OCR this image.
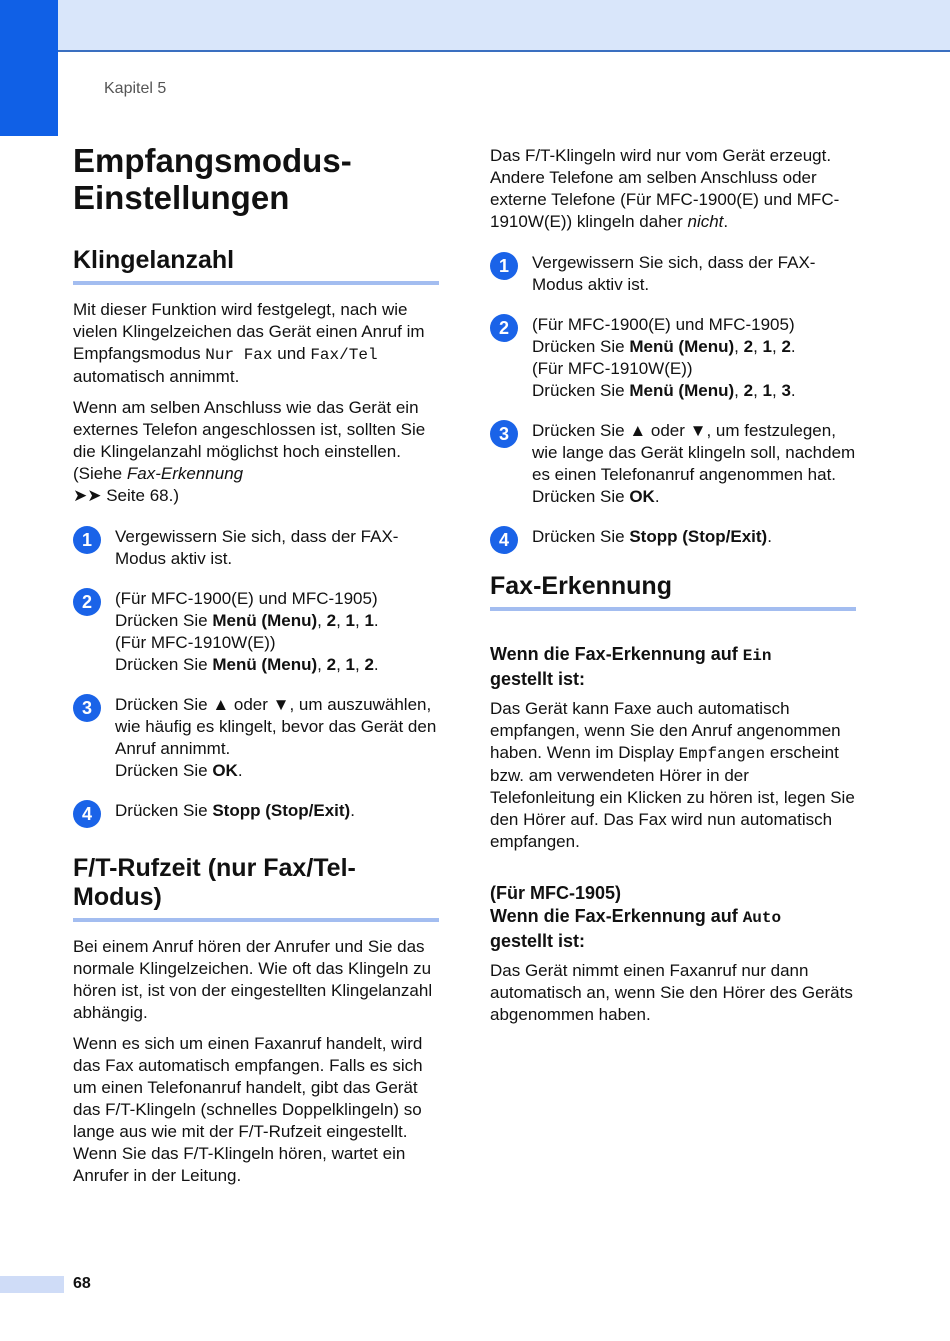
Kapitel 5
Empfangsmodus-
Einstellungen
Klingelanzahl

Mit dieser Funktion wird festgelegt, nach wie vielen Klingelzeichen das Gerät einen Anruf im Empfangsmodus Nur Fax und Fax/Tel automatisch annimmt.

Wenn am selben Anschluss wie das Gerät ein externes Telefon angeschlossen ist, sollten Sie die Klingelanzahl möglichst hoch einstellen. (Siehe Fax-Erkennung
➤➤ Seite 68.)

1	Vergewissern Sie sich, dass der FAX-Modus aktiv ist.
2	(Für MFC-1900(E) und MFC-1905)
Drücken Sie Menü (Menu), 2, 1, 1.
(Für MFC-1910W(E))
Drücken Sie Menü (Menu), 2, 1, 2.
3	Drücken Sie ▲ oder ▼, um auszuwählen, wie häufig es klingelt, bevor das Gerät den Anruf annimmt.
Drücken Sie OK.
4	Drücken Sie Stopp (Stop/Exit).
F/T-Rufzeit (nur Fax/Tel-
Modus)

Bei einem Anruf hören der Anrufer und Sie das normale Klingelzeichen. Wie oft das Klingeln zu hören ist, ist von der eingestellten Klingelanzahl abhängig.

Wenn es sich um einen Faxanruf handelt, wird das Fax automatisch empfangen. Falls es sich um einen Telefonanruf handelt, gibt das Gerät das F/T-Klingeln (schnelles Doppelklingeln) so lange aus wie mit der F/T-Rufzeit eingestellt. Wenn Sie das F/T-Klingeln hören, wartet ein Anrufer in der Leitung.

Das F/T-Klingeln wird nur vom Gerät erzeugt. Andere Telefone am selben Anschluss oder externe Telefone (Für MFC-1900(E) und MFC-1910W(E)) klingeln daher nicht.

1	Vergewissern Sie sich, dass der FAX-Modus aktiv ist.
2	(Für MFC-1900(E) und MFC-1905)
Drücken Sie Menü (Menu), 2, 1, 2.
(Für MFC-1910W(E))
Drücken Sie Menü (Menu), 2, 1, 3.
3	Drücken Sie ▲ oder ▼, um festzulegen, wie lange das Gerät klingeln soll, nachdem es einen Telefonanruf angenommen hat.
Drücken Sie OK.
4	Drücken Sie Stopp (Stop/Exit).
Fax-Erkennung
Wenn die Fax-Erkennung auf Ein
gestellt ist:

Das Gerät kann Faxe auch automatisch empfangen, wenn Sie den Anruf angenommen haben. Wenn im Display Empfangen erscheint bzw. am verwendeten Hörer in der Telefonleitung ein Klicken zu hören ist, legen Sie den Hörer auf. Das Fax wird nun automatisch empfangen.

(Für MFC-1905)
Wenn die Fax-Erkennung auf Auto
gestellt ist:

Das Gerät nimmt einen Faxanruf nur dann automatisch an, wenn Sie den Hörer des Geräts abgenommen haben.

68
